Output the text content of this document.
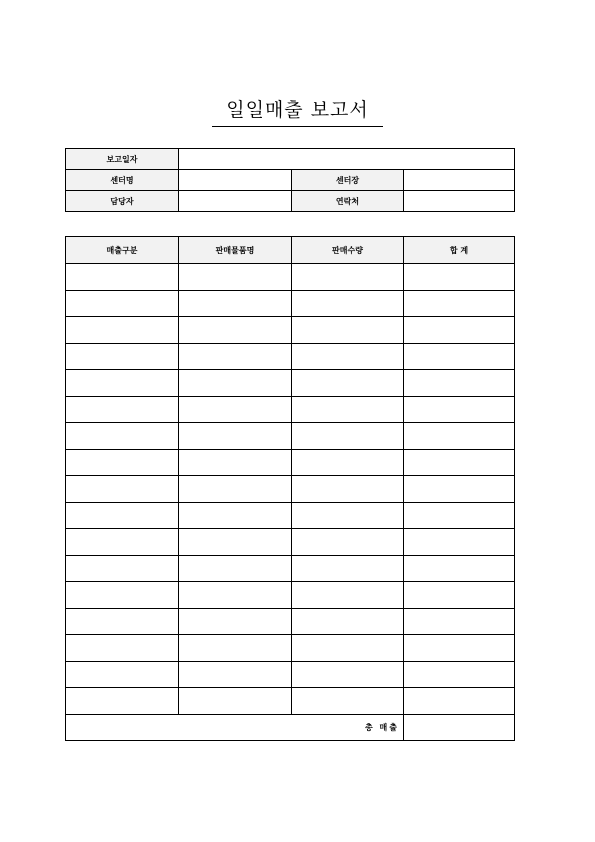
일일매출 보고서
보고일자			
센터명		센터장	
담당자		연락처	
매출구분	판매물품명	판매수량	합 계

총 매출			
